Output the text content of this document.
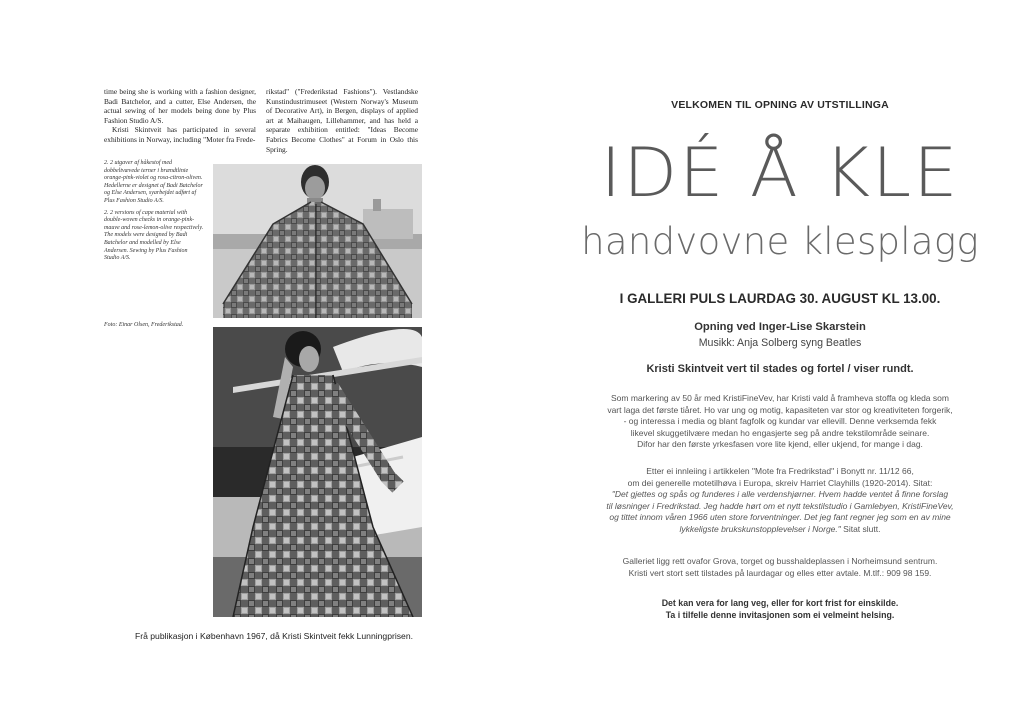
time being she is working with a fashion designer, Badi Batchelor, and a cutter, Else Andersen, the actual sewing of her models being done by Plus Fashion Studio A/S.

Kristi Skintveit has participated in several exhibitions in Norway, including "Moter fra Frede-

rikstad" ("Frederikstad Fashions"). Vestlandske Kunstindustrimuseet (Western Norway's Museum of Decorative Art), in Bergen, displays of applied art at Maihaugen, Lillehammer, and has held a separate exhibition entitled: "Ideas Become Fabrics Become Clothes" at Forum in Oslo this Spring.

2. 2 utgaver af håkestof med dobbeltvævede terner i brændtlinie orange-pink-violet og rosa-citron-oliven. Hedellerne er designet af Badi Batchelor og Else Andersen, syarbejdet udført af Plus Fashion Studio A/S.

2. 2 versions of cape material with double-woven checks in orange-pink-mauve and rose-lemon-olive respectively. The models were designed by Badi Batchelor and modelled by Else Andersen. Sewing by Plus Fashion Studio A/S.

Foto: Einar Olsen, Frederikstad.
Frå publikasjon i København 1967, då Kristi Skintveit fekk Lunningprisen.
VELKOMEN TIL OPNING AV UTSTILLINGA
IDÉ Å KLE
handvovne klesplagg
I GALLERI PULS LAURDAG 30. AUGUST KL 13.00.
Opning ved Inger-Lise Skarstein
Musikk: Anja Solberg syng Beatles
Kristi Skintveit vert til stades og fortel / viser rundt.

Som markering av 50 år med KristiFineVev, har Kristi vald å framheva stoffa og kleda som

vart laga det første tiåret. Ho var ung og motig, kapasiteten var stor og kreativiteten forgerik,

- og interessa i media og blant fagfolk og kundar var ellevill. Denne verksemda fekk

likevel skuggetilvære medan ho engasjerte seg på andre tekstilområde seinare.

Difor har den første yrkesfasen vore lite kjend, eller ukjend, for mange i dag.

Etter ei innleiing i artikkelen "Mote fra Fredrikstad" i Bonytt nr. 11/12 66,

om dei generelle motetilhøva i Europa, skreiv Harriet Clayhills (1920-2014). Sitat:

"Det gjettes og spås og funderes i alle verdenshjørner. Hvem hadde ventet å finne forslag

til løsninger i Fredrikstad. Jeg hadde hørt om et nytt tekstilstudio i Gamlebyen, KristiFineVev,

og tittet innom våren 1966 uten store forventninger. Det jeg fant regner jeg som en av mine

lykkeligste brukskunstopplevelser i Norge." Sitat slutt.

Galleriet ligg rett ovafor Grova, torget og busshaldeplassen i Norheimsund sentrum.

Kristi vert stort sett tilstades på laurdagar og elles etter avtale. M.tlf.: 909 98 159.

Det kan vera for lang veg, eller for kort frist for einskilde.

Ta i tilfelle denne invitasjonen som ei velmeint helsing.
